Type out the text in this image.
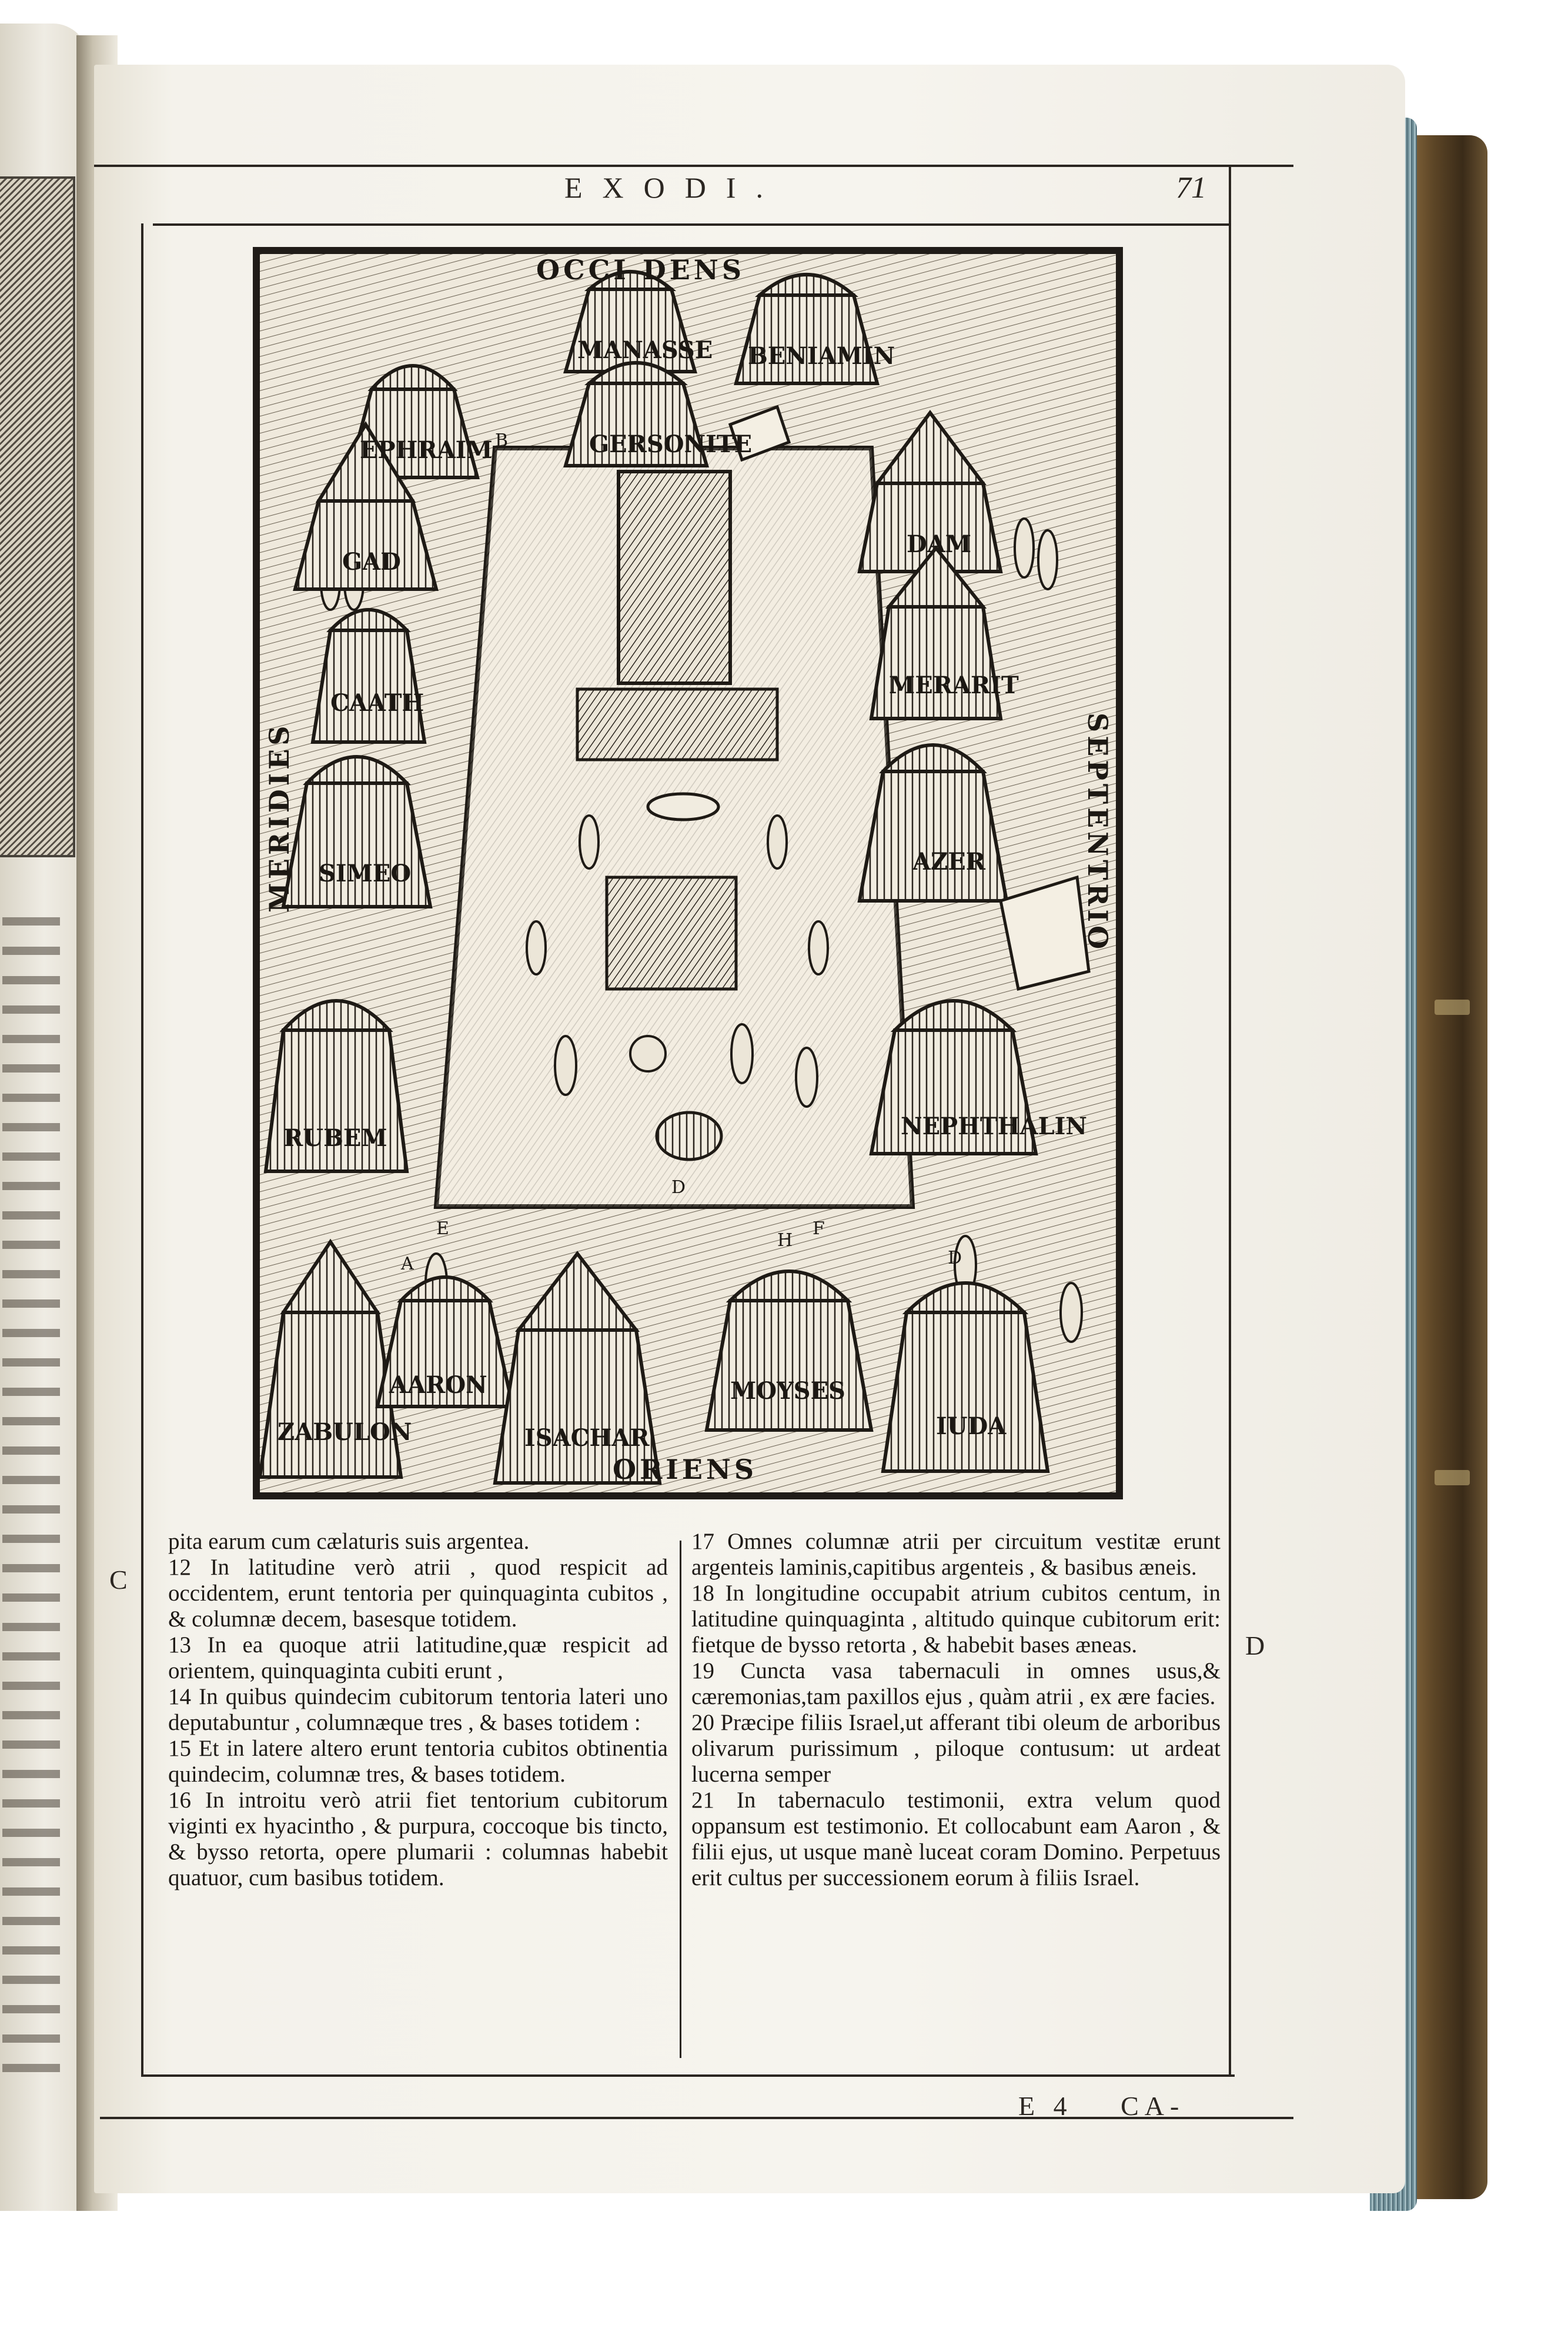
EXODI.	71
C
D
E 4 CA-
OCCI DENS
ORIENS
MERIDIES	SEPTENTRIO
EPHRAIM
MANASSE BENIAMIN
GERSONITE
GAD
DAM
CAATH
MERARIT
SIMEO	AZER
RUBEM	NEPHTHALIN
ZABULON
AARON
ISACHAR
MOYSES
IUDA
B
A
D
E	F
H
D

pita earum cum cælaturis suis argentea.

12 In latitudine verò atrii , quod respicit ad occidentem, erunt tentoria per quinquaginta cubitos , & columnæ decem, basesque totidem.

13 In ea quoque atrii latitudine,quæ respicit ad orientem, quinquaginta cubiti erunt ,

14 In quibus quindecim cubitorum tentoria lateri uno deputabuntur , columnæque tres , & bases totidem :

15 Et in latere altero erunt tentoria cubitos obtinentia quindecim, columnæ tres, & bases totidem.

16 In introitu verò atrii fiet tentorium cubitorum viginti ex hyacintho , & purpura, coccoque bis tincto, & bysso retorta, opere plumarii : columnas habebit quatuor, cum basibus totidem.

17 Omnes columnæ atrii per circuitum vestitæ erunt argenteis laminis,capitibus argenteis , & basibus æneis.

18 In longitudine occupabit atrium cubitos centum, in latitudine quinquaginta , altitudo quinque cubitorum erit: fietque de bysso retorta , & habebit bases æneas.

19 Cuncta vasa tabernaculi in omnes usus,& cæremonias,tam paxillos ejus , quàm atrii , ex ære facies.

20 Præcipe filiis Israel,ut afferant tibi oleum de arboribus olivarum purissimum , piloque contusum: ut ardeat lucerna semper

21 In tabernaculo testimonii, extra velum quod oppansum est testimonio. Et collocabunt eam Aaron , & filii ejus, ut usque manè luceat coram Domino. Perpetuus erit cultus per successionem eorum à filiis Israel.
